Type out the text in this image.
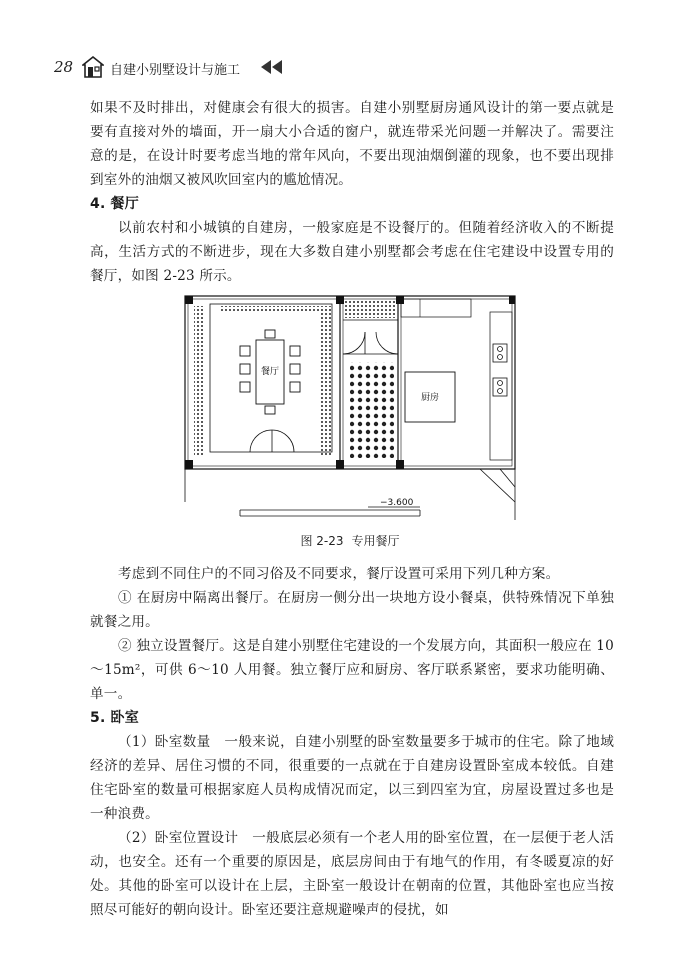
28	自建小别墅设计与施工

如果不及时排出，对健康会有很大的损害。自建小别墅厨房通风设计的第一要点就是要有直接对外的墙面，开一扇大小合适的窗户，就连带采光问题一并解决了。需要注意的是，在设计时要考虑当地的常年风向，不要出现油烟倒灌的现象，也不要出现排到室外的油烟又被风吹回室内的尴尬情况。

4. 餐厅

以前农村和小城镇的自建房，一般家庭是不设餐厅的。但随着经济收入的不断提高，生活方式的不断进步，现在大多数自建小别墅都会考虑在住宅建设中设置专用的餐厅，如图 2-23 所示。

餐厅
厨房
−3.600
图 2-23 专用餐厅

考虑到不同住户的不同习俗及不同要求，餐厅设置可采用下列几种方案。

① 在厨房中隔离出餐厅。在厨房一侧分出一块地方设小餐桌，供特殊情况下单独就餐之用。

② 独立设置餐厅。这是自建小别墅住宅建设的一个发展方向，其面积一般应在 10～15m²，可供 6～10 人用餐。独立餐厅应和厨房、客厅联系紧密，要求功能明确、单一。

5. 卧室

（1）卧室数量　一般来说，自建小别墅的卧室数量要多于城市的住宅。除了地域经济的差异、居住习惯的不同，很重要的一点就在于自建房设置卧室成本较低。自建住宅卧室的数量可根据家庭人员构成情况而定，以三到四室为宜，房屋设置过多也是一种浪费。

（2）卧室位置设计　一般底层必须有一个老人用的卧室位置，在一层便于老人活动，也安全。还有一个重要的原因是，底层房间由于有地气的作用，有冬暖夏凉的好处。其他的卧室可以设计在上层，主卧室一般设计在朝南的位置，其他卧室也应当按照尽可能好的朝向设计。卧室还要注意规避噪声的侵扰，如
